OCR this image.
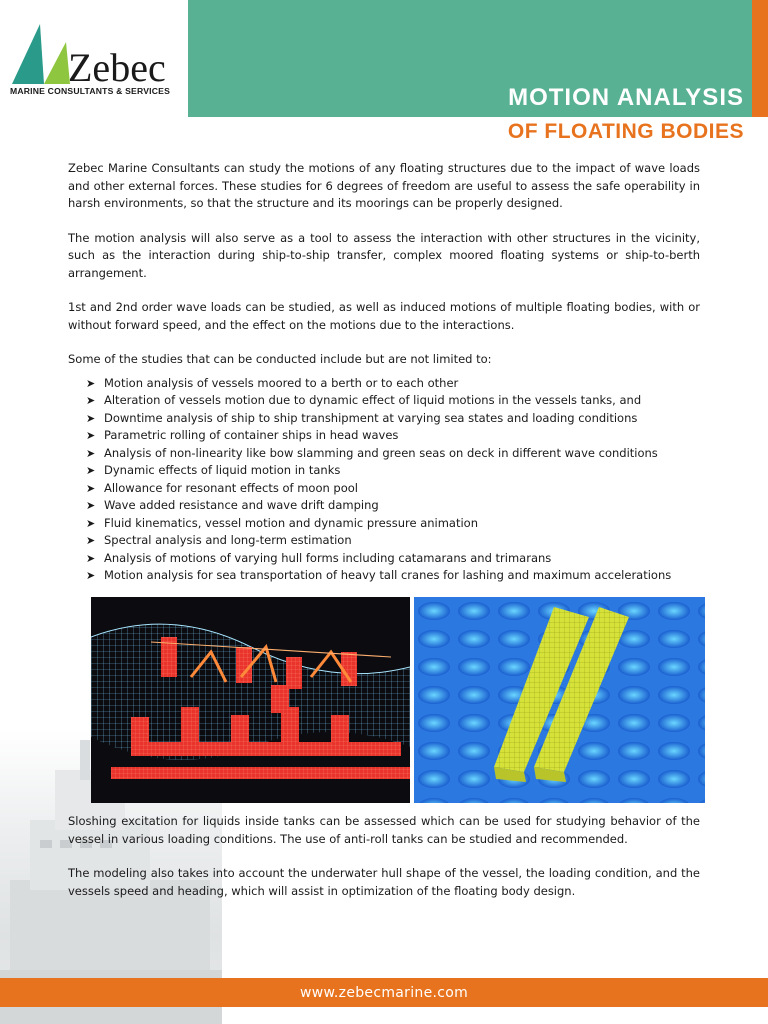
MOTION ANALYSIS
OF FLOATING BODIES
Zebec
MARINE CONSULTANTS & SERVICES

Zebec Marine Consultants can study the motions of any floating structures due to the impact of wave loads and other external forces. These studies for 6 degrees of freedom are useful to assess the safe operability in harsh environments, so that the structure and its moorings can be properly designed.

The motion analysis will also serve as a tool to assess the interaction with other structures in the vicinity, such as the interaction during ship-to-ship transfer, complex moored floating systems or ship-to-berth arrangement.

1st and 2nd order wave loads can be studied, as well as induced motions of multiple floating bodies, with or without forward speed, and the effect on the motions due to the interactions.

Some of the studies that can be conducted include but are not limited to:

➤ Motion analysis of vessels moored to a berth or to each other
➤ Alteration of vessels motion due to dynamic effect of liquid motions in the vessels tanks, and
➤ Downtime analysis of ship to ship transhipment at varying sea states and loading conditions
➤ Parametric rolling of container ships in head waves
➤ Analysis of non-linearity like bow slamming and green seas on deck in different wave conditions
➤ Dynamic effects of liquid motion in tanks
➤ Allowance for resonant effects of moon pool
➤ Wave added resistance and wave drift damping
➤ Fluid kinematics, vessel motion and dynamic pressure animation
➤ Spectral analysis and long-term estimation
➤ Analysis of motions of varying hull forms including catamarans and trimarans
➤ Motion analysis for sea transportation of heavy tall cranes for lashing and maximum accelerations

Sloshing excitation for liquids inside tanks can be assessed which can be used for studying behavior of the vessel in various loading conditions. The use of anti-roll tanks can be studied and recommended.

The modeling also takes into account the underwater hull shape of the vessel, the loading condition, and the vessels speed and heading, which will assist in optimization of the floating body design.

www.zebecmarine.com
